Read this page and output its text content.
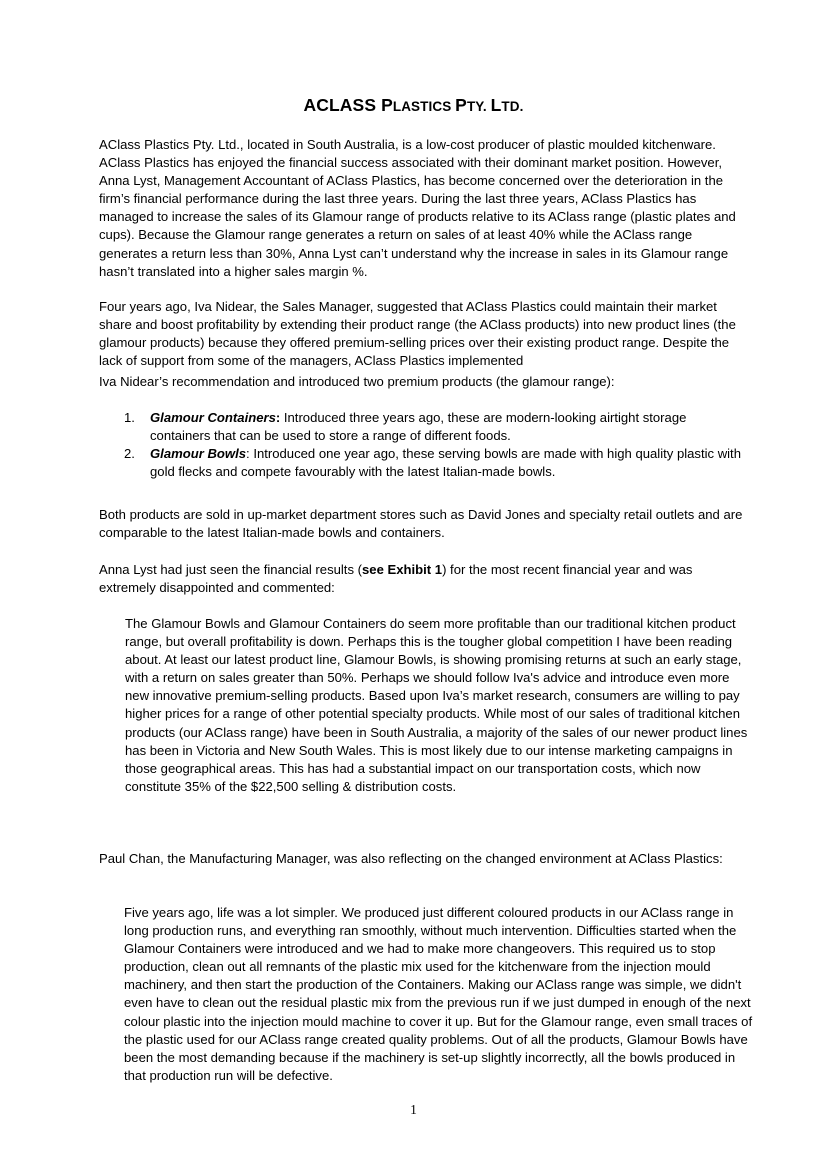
ACLASS PLASTICS PTY. LTD.

AClass Plastics Pty. Ltd., located in South Australia, is a low-cost producer of plastic moulded kitchenware. AClass Plastics has enjoyed the financial success associated with their dominant market position. However, Anna Lyst, Management Accountant of AClass Plastics, has become concerned over the deterioration in the firm’s financial performance during the last three years. During the last three years, AClass Plastics has managed to increase the sales of its Glamour range of products relative to its AClass range (plastic plates and cups). Because the Glamour range generates a return on sales of at least 40% while the AClass range generates a return less than 30%, Anna Lyst can’t understand why the increase in sales in its Glamour range hasn’t translated into a higher sales margin %.

Four years ago, Iva Nidear, the Sales Manager, suggested that AClass Plastics could maintain their market share and boost profitability by extending their product range (the AClass products) into new product lines (the glamour products) because they offered premium-selling prices over their existing product range. Despite the lack of support from some of the managers, AClass Plastics implemented

Iva Nidear’s recommendation and introduced two premium products (the glamour range):

1. Glamour Containers: Introduced three years ago, these are modern-looking airtight storage containers that can be used to store a range of different foods.
2. Glamour Bowls: Introduced one year ago, these serving bowls are made with high quality plastic with gold flecks and compete favourably with the latest Italian-made bowls.

Both products are sold in up-market department stores such as David Jones and specialty retail outlets and are comparable to the latest Italian-made bowls and containers.

Anna Lyst had just seen the financial results (see Exhibit 1) for the most recent financial year and was extremely disappointed and commented:

The Glamour Bowls and Glamour Containers do seem more profitable than our traditional kitchen product range, but overall profitability is down. Perhaps this is the tougher global competition I have been reading about. At least our latest product line, Glamour Bowls, is showing promising returns at such an early stage, with a return on sales greater than 50%. Perhaps we should follow Iva's advice and introduce even more new innovative premium-selling products. Based upon Iva’s market research, consumers are willing to pay higher prices for a range of other potential specialty products. While most of our sales of traditional kitchen products (our AClass range) have been in South Australia, a majority of the sales of our newer product lines has been in Victoria and New South Wales. This is most likely due to our intense marketing campaigns in those geographical areas. This has had a substantial impact on our transportation costs, which now constitute 35% of the $22,500 selling & distribution costs.

Paul Chan, the Manufacturing Manager, was also reflecting on the changed environment at AClass Plastics:

Five years ago, life was a lot simpler. We produced just different coloured products in our AClass range in long production runs, and everything ran smoothly, without much intervention. Difficulties started when the Glamour Containers were introduced and we had to make more changeovers. This required us to stop production, clean out all remnants of the plastic mix used for the kitchenware from the injection mould machinery, and then start the production of the Containers. Making our AClass range was simple, we didn't even have to clean out the residual plastic mix from the previous run if we just dumped in enough of the next colour plastic into the injection mould machine to cover it up. But for the Glamour range, even small traces of the plastic used for our AClass range created quality problems. Out of all the products, Glamour Bowls have been the most demanding because if the machinery is set-up slightly incorrectly, all the bowls produced in that production run will be defective.

1
